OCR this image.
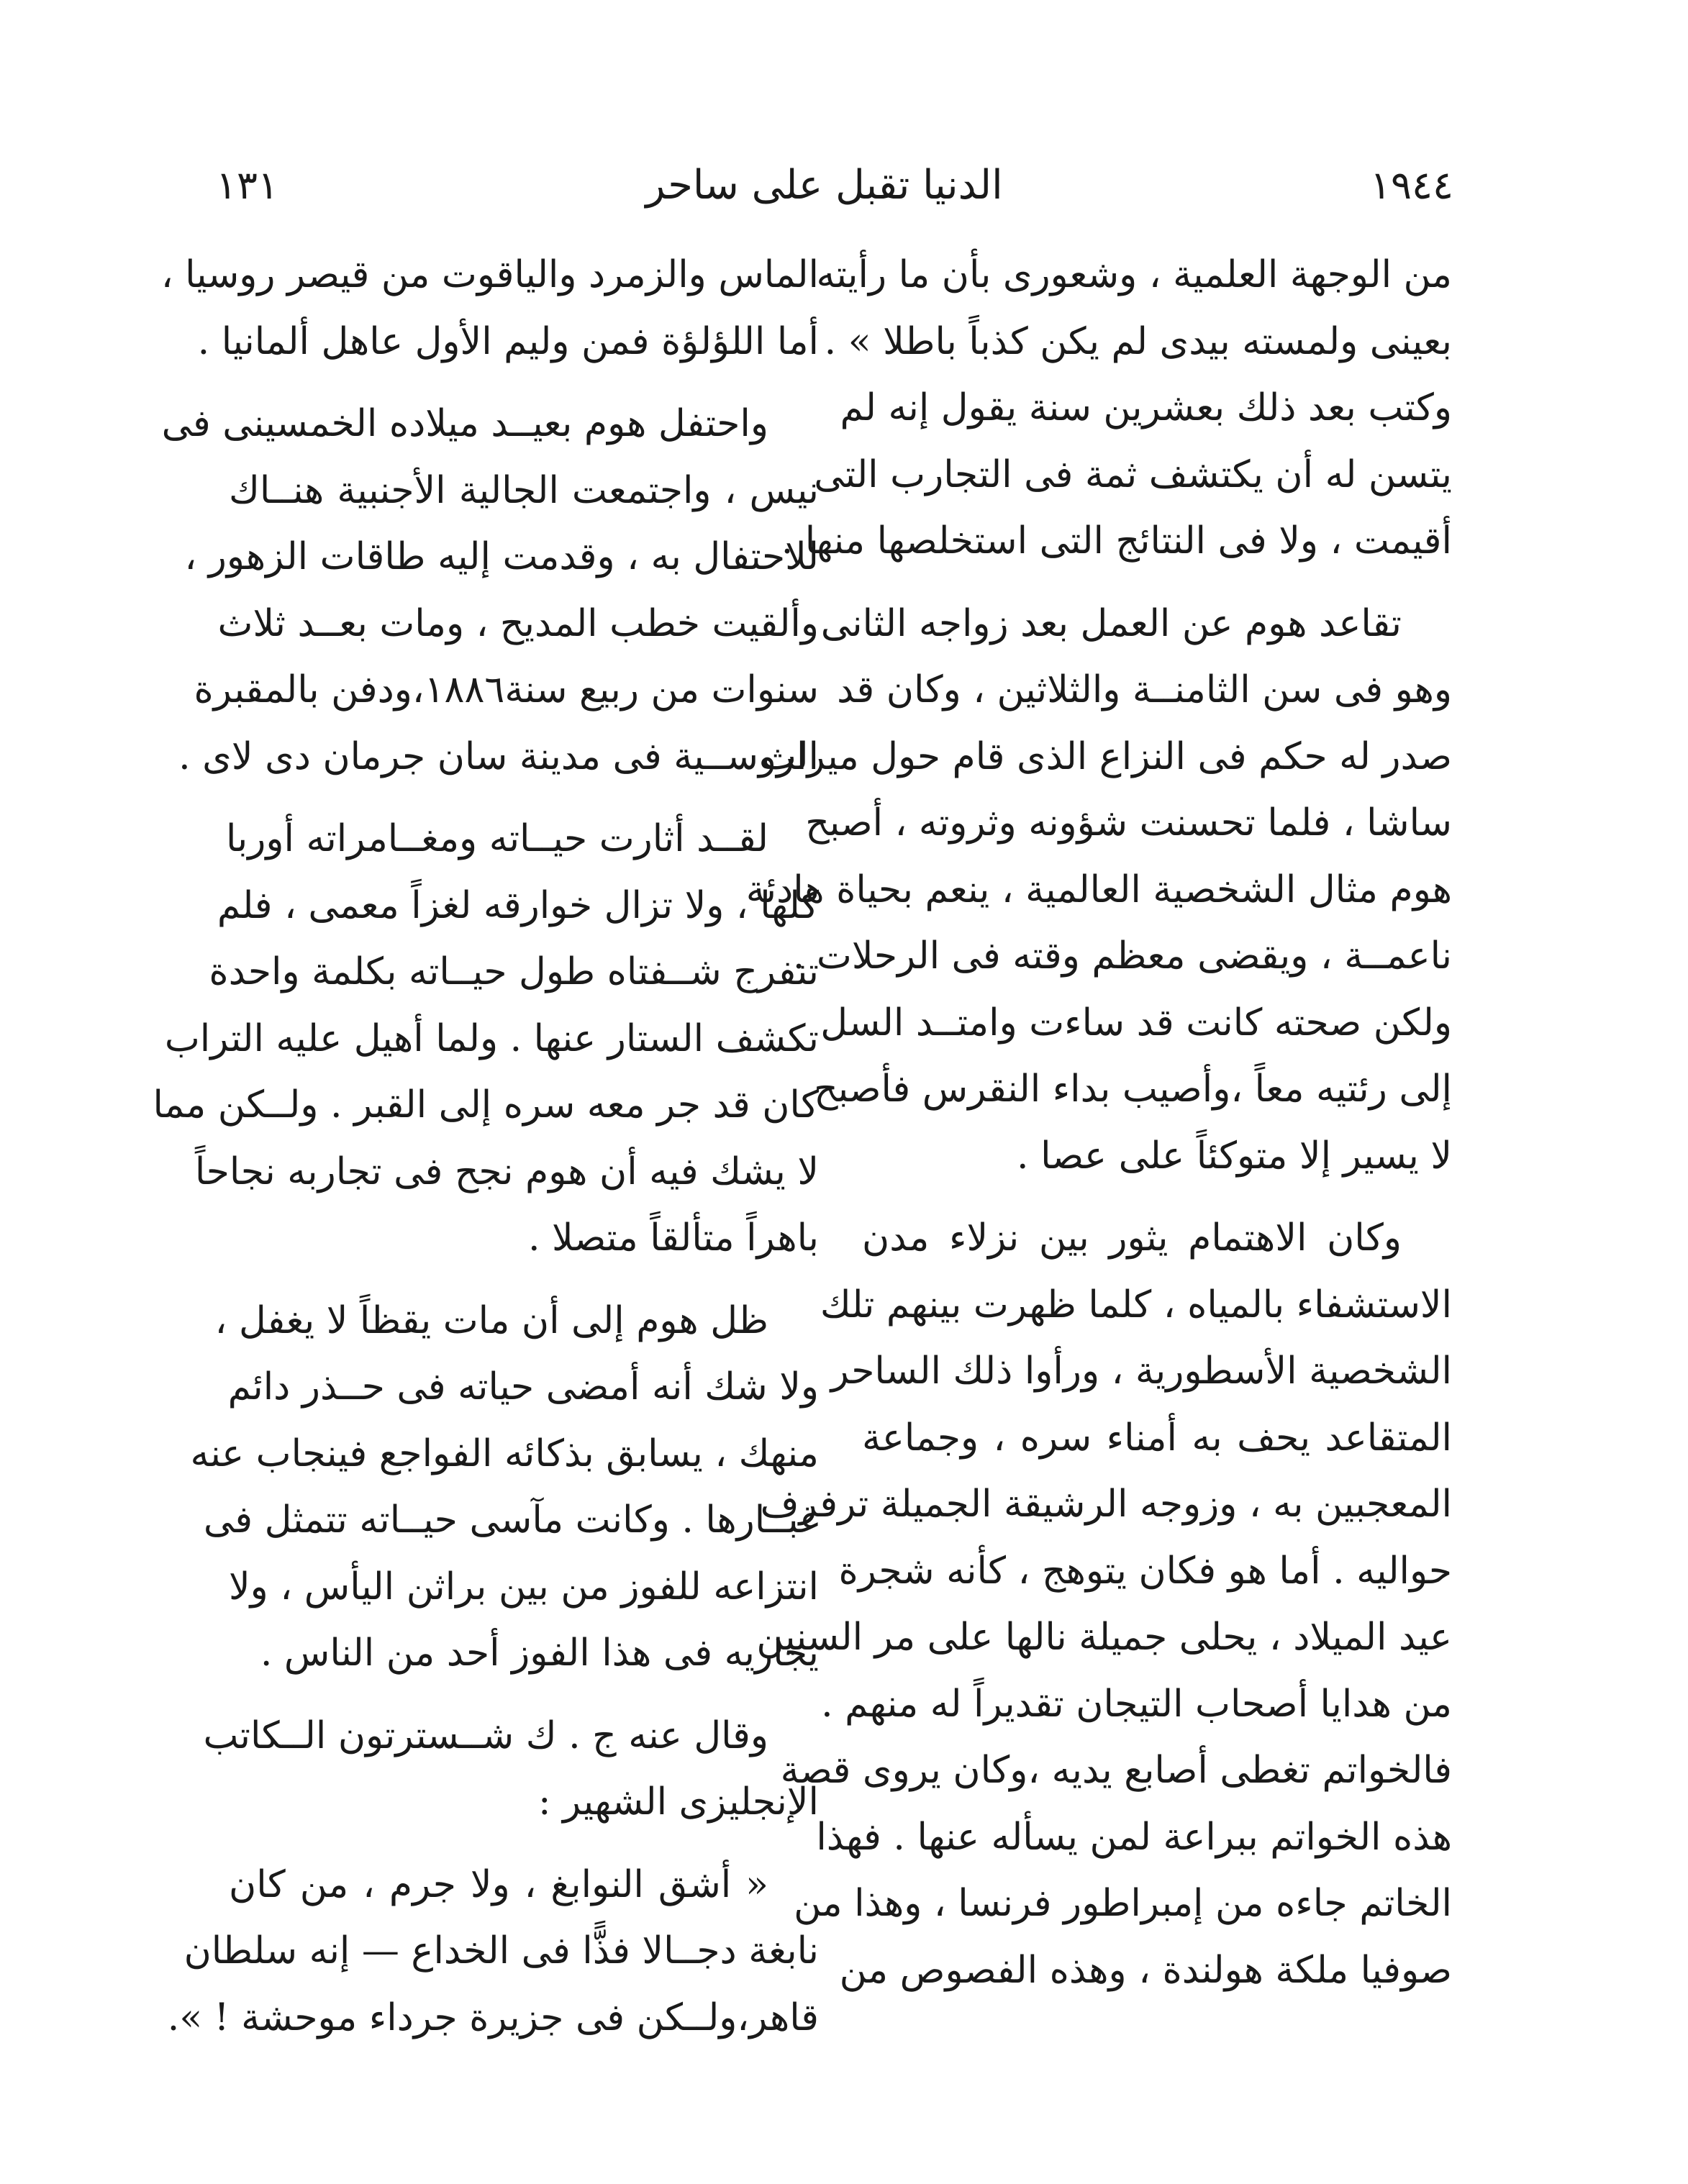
١٩٤٤
الدنيا تقبل على ساحر
١٣١

من الوجهة العلمية ، وشعورى بأن ما رأيته
بعينى ولمسته بيدى لم يكن كذباً باطلا » .
وكتب بعد ذلك بعشرين سنة يقول إنه لم
يتسن له أن يكتشف ثمة فى التجارب التى
أقيمت ، ولا فى النتائج التى استخلصها منها .

تقاعد هوم عن العمل بعد زواجه الثانى
وهو فى سن الثامنــة والثلاثين ، وكان قد
صدر له حكم فى النزاع الذى قام حول ميراث
ساشا ، فلما تحسنت شؤونه وثروته ، أصبح
هوم مثال الشخصية العالمية ، ينعم بحياة هادئة
ناعمــة ، ويقضى معظم وقته فى الرحلات .
ولكن صحته كانت قد ساءت وامتــد السل
إلى رئتيه معاً ،وأصيب بداء النقرس فأصبح
لا يسير إلا متوكئاً على عصا .

وكان الاهتمام يثور بين نزلاء مدن
الاستشفاء بالمياه ، كلما ظهرت بينهم تلك
الشخصية الأسطورية ، ورأوا ذلك الساحر
المتقاعد يحف به أمناء سره ، وجماعة
المعجبين به ، وزوجه الرشيقة الجميلة ترفرف
حواليه . أما هو فكان يتوهج ، كأنه شجرة
عيد الميلاد ، يحلى جميلة نالها على مر السنين
من هدايا أصحاب التيجان تقديراً له منهم .
فالخواتم تغطى أصابع يديه ،وكان يروى قصة
هذه الخواتم ببراعة لمن يسأله عنها . فهذا
الخاتم جاءه من إمبراطور فرنسا ، وهذا من
صوفيا ملكة هولندة ، وهذه الفصوص من

الماس والزمرد والياقوت من قيصر روسيا ،
أما اللؤلؤة فمن وليم الأول عاهل ألمانيا .

واحتفل هوم بعيــد ميلاده الخمسينى فى
نيس ، واجتمعت الجالية الأجنبية هنــاك
للاحتفال به ، وقدمت إليه طاقات الزهور ،
وألقيت خطب المديح ، ومات بعــد ثلاث
سنوات من ربيع سنة١٨٨٦،ودفن بالمقبرة
الروســية فى مدينة سان جرمان دى لاى .

لقــد أثارت حيــاته ومغــامراته أوربا
كلها ، ولا تزال خوارقه لغزاً معمى ، فلم
تنفرج شــفتاه طول حيــاته بكلمة واحدة
تكشف الستار عنها . ولما أهيل عليه التراب
كان قد جر معه سره إلى القبر . ولــكن مما
لا يشك فيه أن هوم نجح فى تجاربه نجاحاً
باهراً متألقاً متصلا .

ظل هوم إلى أن مات يقظاً لا يغفل ،
ولا شك أنه أمضى حياته فى حــذر دائم
منهك ، يسابق بذكائه الفواجع فينجاب عنه
غبــارها . وكانت مآسى حيــاته تتمثل فى
انتزاعه للفوز من بين براثن اليأس ، ولا
يجاريه فى هذا الفوز أحد من الناس .

وقال عنه ج . ك شــسترتون الــكاتب
الإنجليزى الشهير :

« أشق النوابغ ، ولا جرم ، من كان
نابغة دجــالا فذًّا فى الخداع — إنه سلطان
قاهر،ولــكن فى جزيرة جرداء موحشة ! ».
